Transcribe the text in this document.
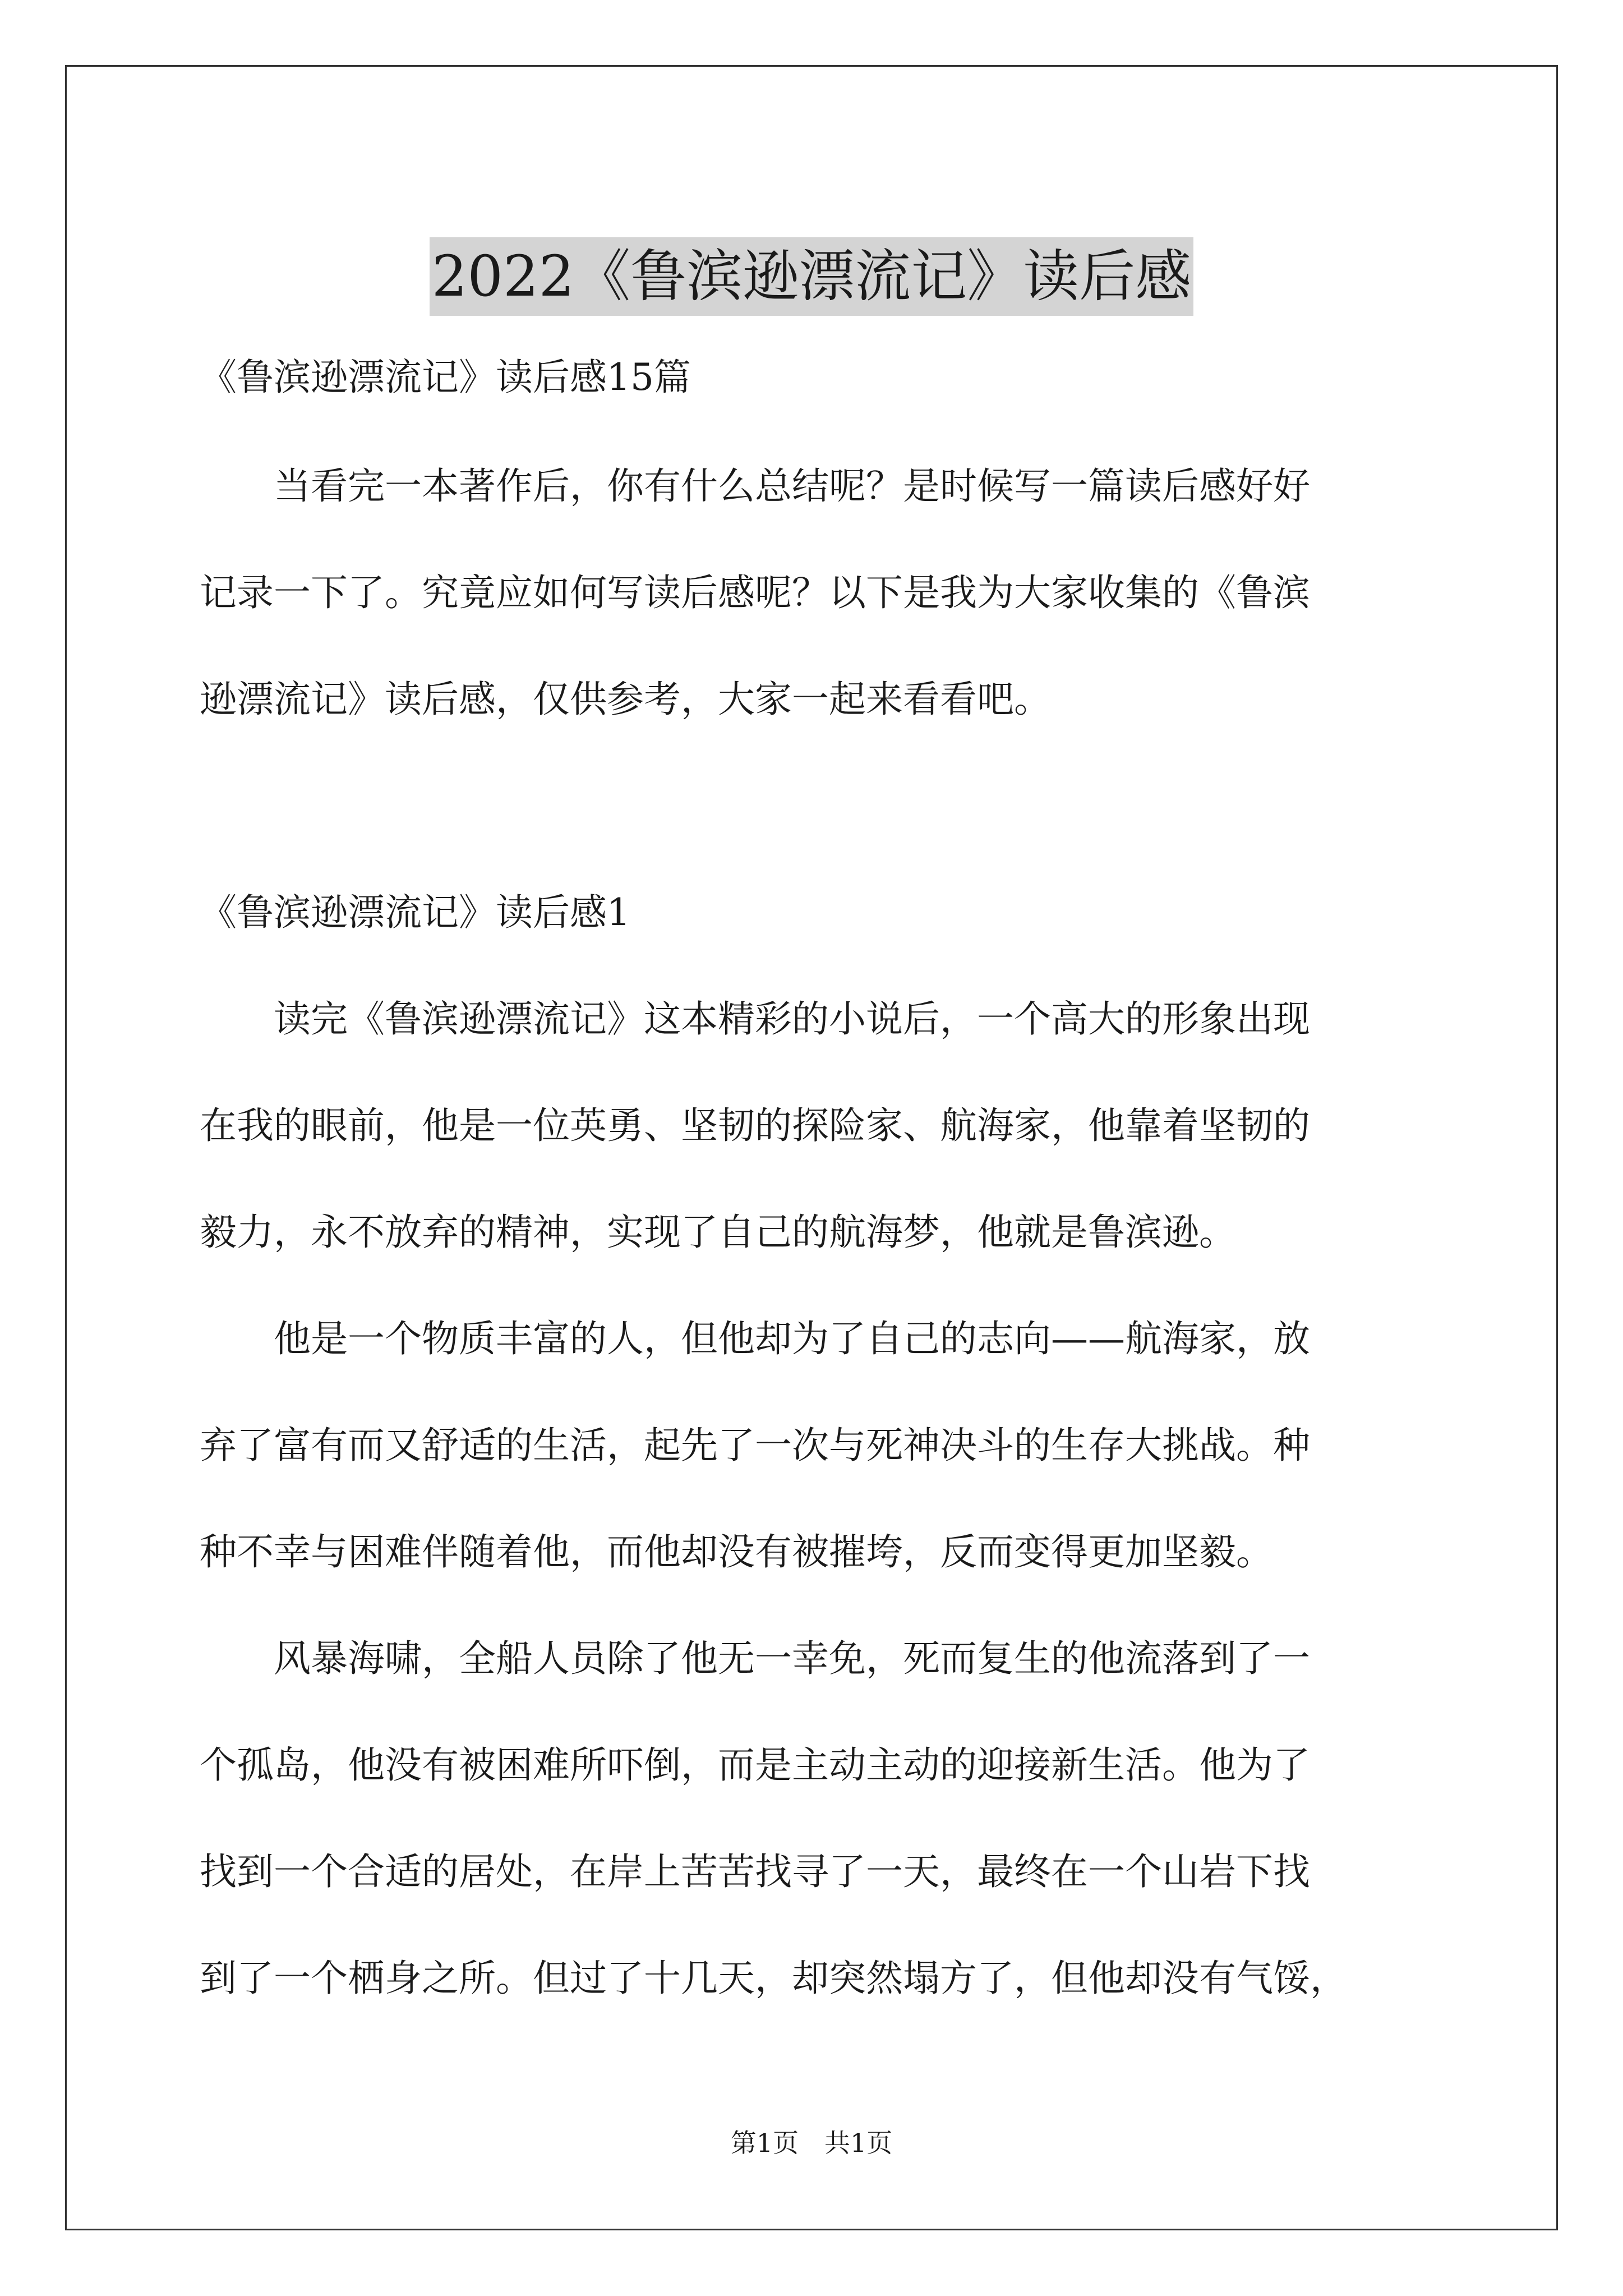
2022《鲁滨逊漂流记》读后感
《鲁滨逊漂流记》读后感15篇
　　当看完一本著作后，你有什么总结呢？是时候写一篇读后感好好
记录一下了。究竟应如何写读后感呢？以下是我为大家收集的《鲁滨
逊漂流记》读后感，仅供参考，大家一起来看看吧。
《鲁滨逊漂流记》读后感1
　　读完《鲁滨逊漂流记》这本精彩的小说后，一个高大的形象出现
在我的眼前，他是一位英勇、坚韧的探险家、航海家，他靠着坚韧的
毅力，永不放弃的精神，实现了自己的航海梦，他就是鲁滨逊。
　　他是一个物质丰富的人，但他却为了自己的志向——航海家，放
弃了富有而又舒适的生活，起先了一次与死神决斗的生存大挑战。种
种不幸与困难伴随着他，而他却没有被摧垮，反而变得更加坚毅。
　　风暴海啸，全船人员除了他无一幸免，死而复生的他流落到了一
个孤岛，他没有被困难所吓倒，而是主动主动的迎接新生活。他为了
找到一个合适的居处，在岸上苦苦找寻了一天，最终在一个山岩下找
到了一个栖身之所。但过了十几天，却突然塌方了，但他却没有气馁，
第1页　共1页
